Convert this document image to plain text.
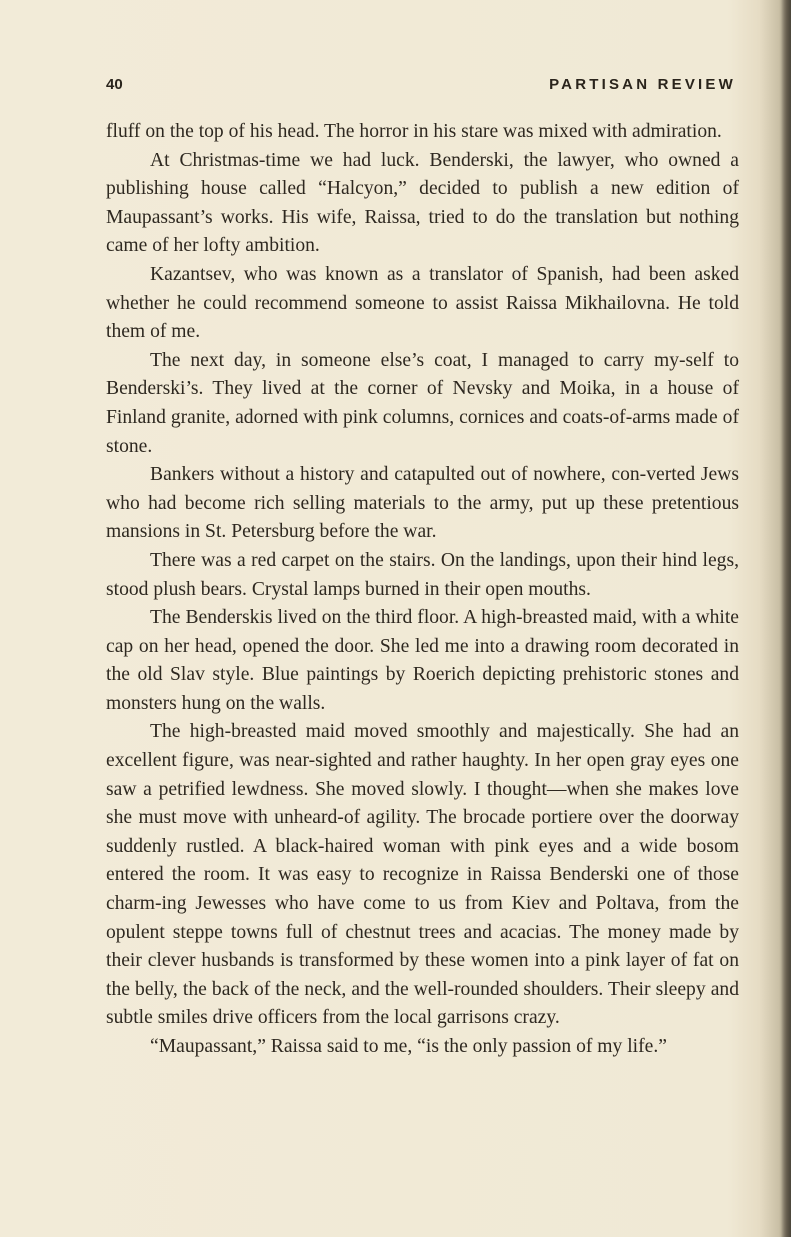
40	PARTISAN REVIEW

fluff on the top of his head. The horror in his stare was mixed with admiration.

At Christmas-time we had luck. Benderski, the lawyer, who owned a publishing house called “Halcyon,” decided to publish a new edition of Maupassant’s works. His wife, Raissa, tried to do the translation but nothing came of her lofty ambition.

Kazantsev, who was known as a translator of Spanish, had been asked whether he could recommend someone to assist Raissa Mikhailovna. He told them of me.

The next day, in someone else’s coat, I managed to carry my-self to Benderski’s. They lived at the corner of Nevsky and Moika, in a house of Finland granite, adorned with pink columns, cornices and coats-of-arms made of stone.

Bankers without a history and catapulted out of nowhere, con-verted Jews who had become rich selling materials to the army, put up these pretentious mansions in St. Petersburg before the war.

There was a red carpet on the stairs. On the landings, upon their hind legs, stood plush bears. Crystal lamps burned in their open mouths.

The Benderskis lived on the third floor. A high-breasted maid, with a white cap on her head, opened the door. She led me into a drawing room decorated in the old Slav style. Blue paintings by Roerich depicting prehistoric stones and monsters hung on the walls.

The high-breasted maid moved smoothly and majestically. She had an excellent figure, was near-sighted and rather haughty. In her open gray eyes one saw a petrified lewdness. She moved slowly. I thought—when she makes love she must move with unheard-of agility. The brocade portiere over the doorway suddenly rustled. A black-haired woman with pink eyes and a wide bosom entered the room. It was easy to recognize in Raissa Benderski one of those charm-ing Jewesses who have come to us from Kiev and Poltava, from the opulent steppe towns full of chestnut trees and acacias. The money made by their clever husbands is transformed by these women into a pink layer of fat on the belly, the back of the neck, and the well-rounded shoulders. Their sleepy and subtle smiles drive officers from the local garrisons crazy.

“Maupassant,” Raissa said to me, “is the only passion of my life.”
